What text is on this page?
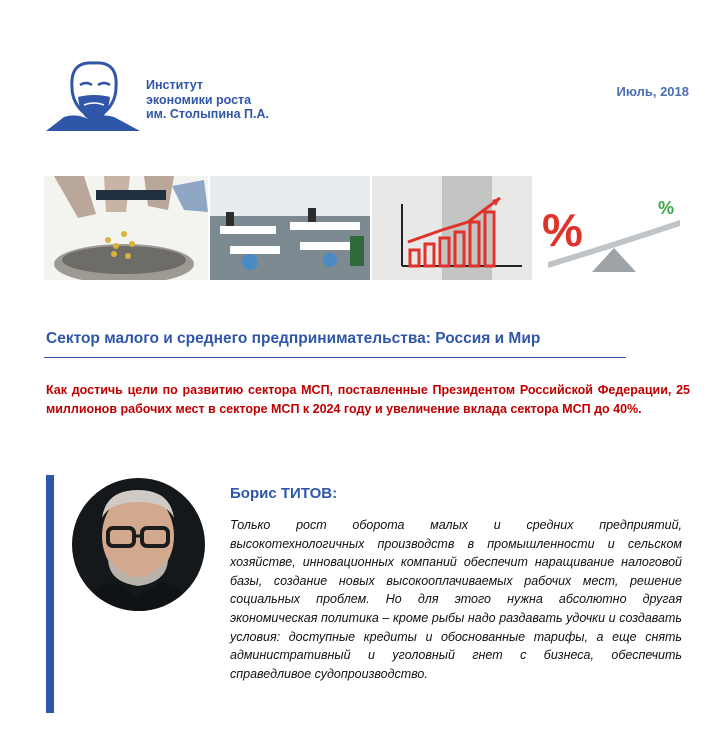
Институт
экономики роста
им. Столыпина П.А.
Июль, 2018
%	%
Сектор малого и среднего предпринимательства: Россия и Мир
Как достичь цели по развитию сектора МСП, поставленные Президентом Российской Федерации, 25 миллионов рабочих мест в секторе МСП к 2024 году и увеличение вклада сектора МСП до 40%.
Борис ТИТОВ:
Только рост оборота малых и средних предприятий, высокотехнологичных производств в промышленности и сельском хозяйстве, инновационных компаний обеспечит наращивание налоговой базы, создание новых высокооплачиваемых рабочих мест, решение социальных проблем. Но для этого нужна абсолютно другая экономическая политика – кроме рыбы надо раздавать удочки и создавать условия: доступные кредиты и обоснованные тарифы, а еще снять административный и уголовный гнет с бизнеса, обеспечить справедливое судопроизводство.
